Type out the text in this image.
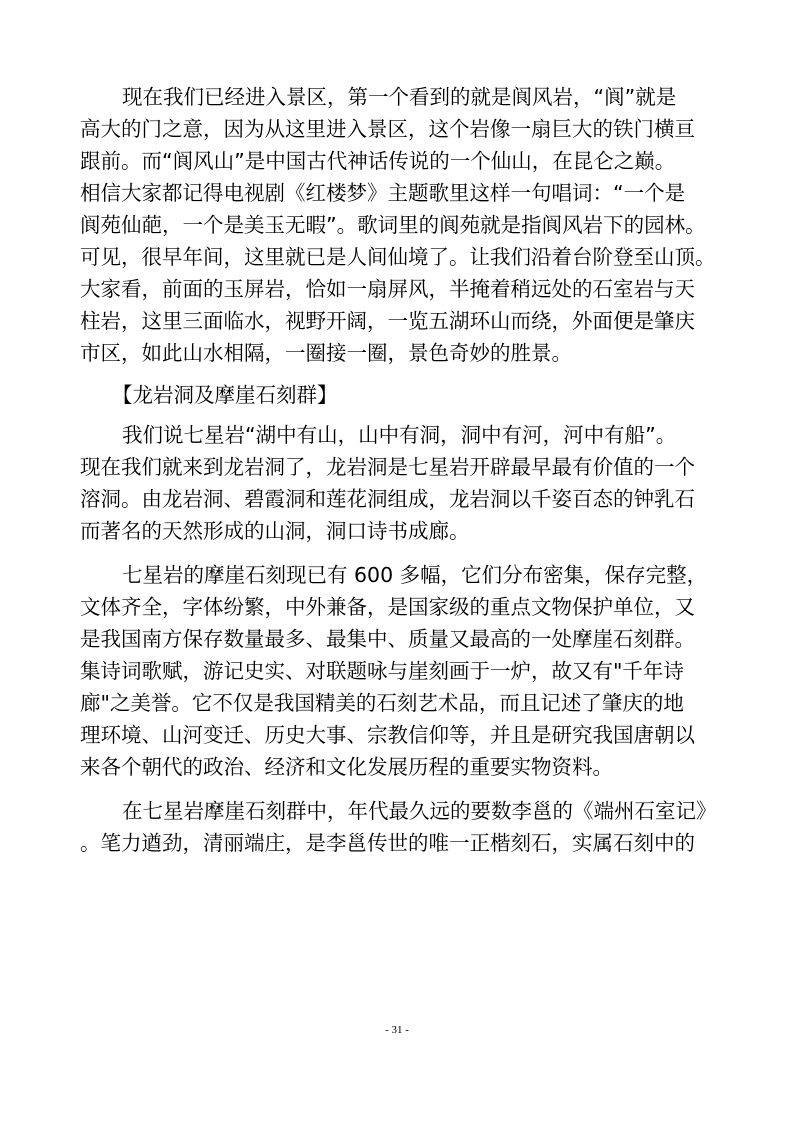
现在我们已经进入景区，第一个看到的就是阆风岩，“阆”就是
高大的门之意，因为从这里进入景区，这个岩像一扇巨大的铁门横亘
跟前。而“阆风山”是中国古代神话传说的一个仙山，在昆仑之巅。
相信大家都记得电视剧《红楼梦》主题歌里这样一句唱词：“一个是
阆苑仙葩，一个是美玉无暇”。歌词里的阆苑就是指阆风岩下的园林。
可见，很早年间，这里就已是人间仙境了。让我们沿着台阶登至山顶。
大家看，前面的玉屏岩，恰如一扇屏风，半掩着稍远处的石室岩与天
柱岩，这里三面临水，视野开阔，一览五湖环山而绕，外面便是肇庆
市区，如此山水相隔，一圈接一圈，景色奇妙的胜景。
【龙岩洞及摩崖石刻群】
我们说七星岩“湖中有山，山中有洞，洞中有河，河中有船”。
现在我们就来到龙岩洞了，龙岩洞是七星岩开辟最早最有价值的一个
溶洞。由龙岩洞、碧霞洞和莲花洞组成，龙岩洞以千姿百态的钟乳石
而著名的天然形成的山洞，洞口诗书成廊。
七星岩的摩崖石刻现已有 600 多幅，它们分布密集，保存完整，
文体齐全，字体纷繁，中外兼备，是国家级的重点文物保护单位，又
是我国南方保存数量最多、最集中、质量又最高的一处摩崖石刻群。
集诗词歌赋，游记史实、对联题咏与崖刻画于一炉，故又有"千年诗
廊"之美誉。它不仅是我国精美的石刻艺术品，而且记述了肇庆的地
理环境、山河变迁、历史大事、宗教信仰等，并且是研究我国唐朝以
来各个朝代的政治、经济和文化发展历程的重要实物资料。
在七星岩摩崖石刻群中，年代最久远的要数李邕的《端州石室记》
。笔力遒劲，清丽端庄，是李邕传世的唯一正楷刻石，实属石刻中的
- 31 -
